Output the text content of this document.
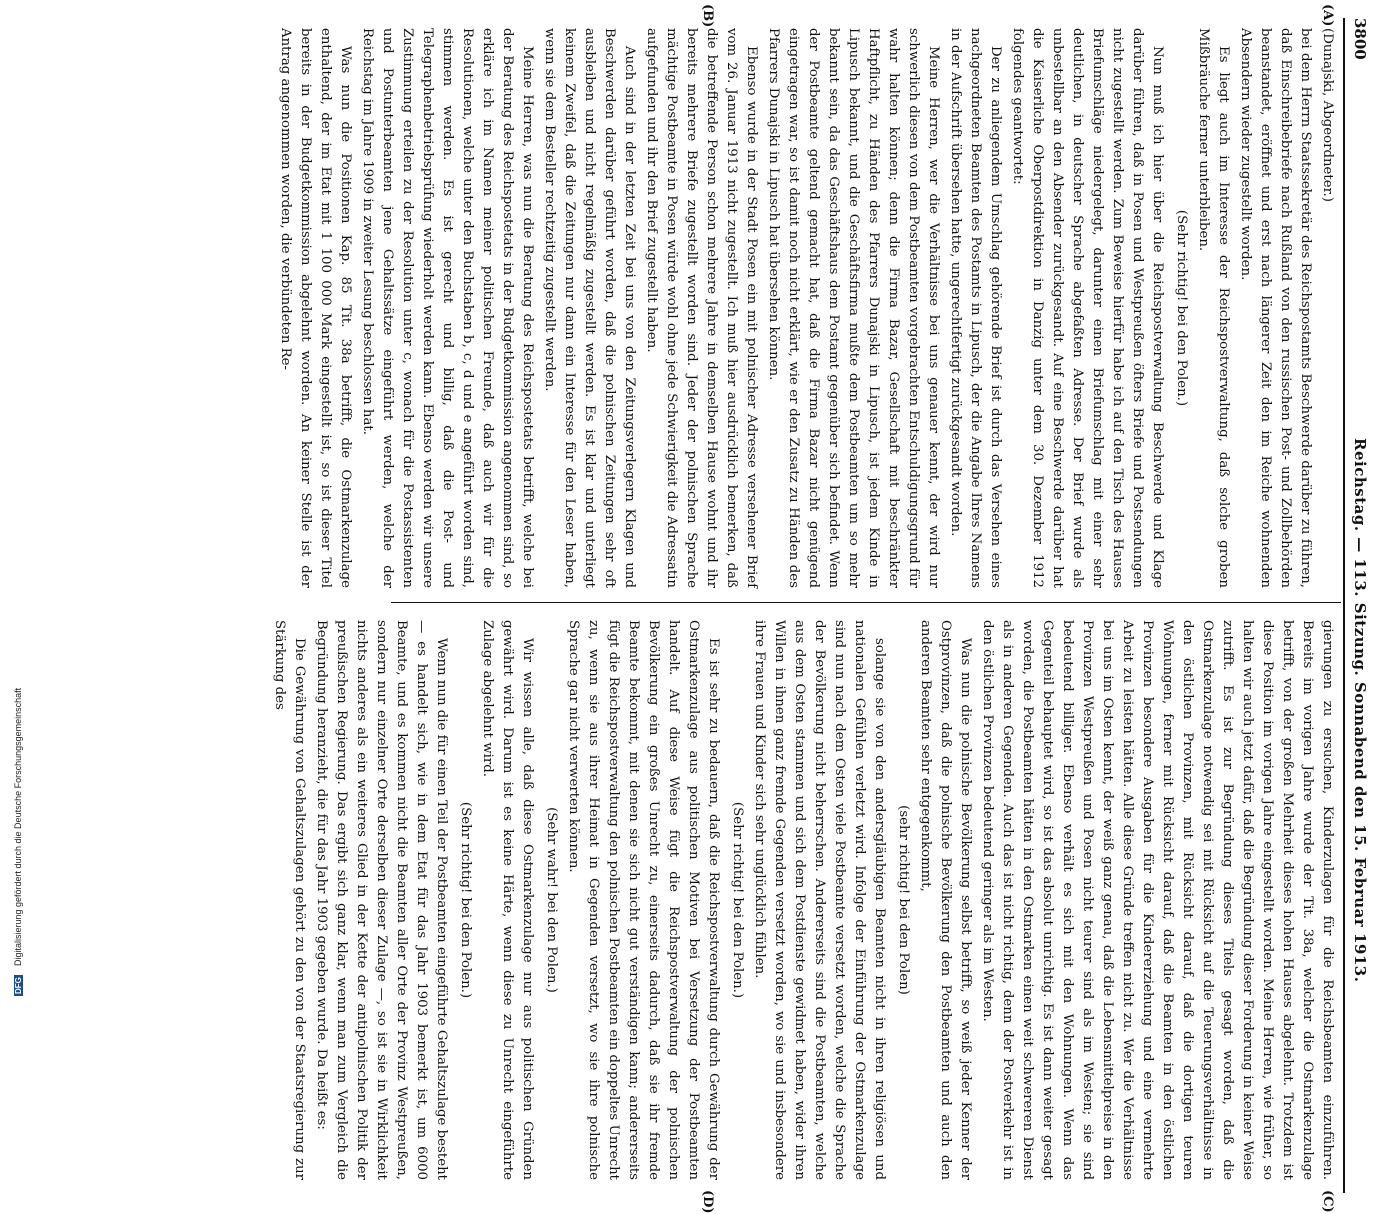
3800
Reichstag. — 113. Sitzung. Sonnabend den 15. Februar 1913.
(A)
(B)
(C)
(D)

(Dunajski, Abgeordneter.)

bei dem Herrn Staatssekretär des Reichspostamts Beschwerde darüber zu führen, daß Einschreibebriefe nach Rußland von den russischen Post- und Zollbehörden beanstandet, eröffnet und erst nach längerer Zeit den im Reiche wohnenden Absendern wieder zugestellt worden.

Es liegt auch im Interesse der Reichspostverwaltung, daß solche groben Mißbräuche ferner unterbleiben.

(Sehr richtig! bei den Polen.)

Nun muß ich hier über die Reichspostverwaltung Beschwerde und Klage darüber führen, daß in Posen und Westpreußen öfters Briefe und Postsendungen nicht zugestellt werden. Zum Beweise hierfür habe ich auf den Tisch des Hauses Briefumschläge niedergelegt, darunter einen Briefumschlag mit einer sehr deutlichen, in deutscher Sprache abgefaßten Adresse. Der Brief wurde als unbestellbar an den Absender zurückgesandt. Auf eine Beschwerde darüber hat die Kaiserliche Oberpostdirektion in Danzig unter dem 30. Dezember 1912 folgendes geantwortet:

Der zu anliegendem Umschlag gehörende Brief ist durch das Versehen eines nachgeordneten Beamten des Postamts in Lipusch, der die Angabe Ihres Namens in der Aufschrift übersehen hatte, ungerechtfertigt zurückgesandt worden.

Meine Herren, wer die Verhältnisse bei uns genauer kennt, der wird nur schwerlich diesen von dem Postbeamten vorgebrachten Entschuldigungsgrund für wahr halten können; denn die Firma Bazar, Gesellschaft mit beschränkter Haftpflicht, zu Händen des Pfarrers Dunajski in Lipusch, ist jedem Kinde in Lipusch bekannt, und die Geschäftsfirma mußte dem Postbeamten um so mehr bekannt sein, da das Geschäftshaus dem Postamt gegenüber sich befindet. Wenn der Postbeamte geltend gemacht hat, daß die Firma Bazar nicht genügend eingetragen war, so ist damit noch nicht erklärt, wie er den Zusatz zu Händen des Pfarrers Dunajski in Lipusch hat übersehen können.

Ebenso wurde in der Stadt Posen ein mit polnischer Adresse versehener Brief vom 26. Januar 1913 nicht zugestellt. Ich muß hier ausdrücklich bemerken, daß die betreffende Person schon mehrere Jahre in demselben Hause wohnt und ihr bereits mehrere Briefe zugestellt worden sind. Jeder der polnischen Sprache mächtige Postbeamte in Posen würde wohl ohne jede Schwierigkeit die Adressatin aufgefunden und ihr den Brief zugestellt haben.

Auch sind in der letzten Zeit bei uns von den Zeitungsverlegern Klagen und Beschwerden darüber geführt worden, daß die polnischen Zeitungen sehr oft ausbleiben und nicht regelmäßig zugestellt werden. Es ist klar und unterliegt keinem Zweifel, daß die Zeitungen nur dann ein Interesse für den Leser haben, wenn sie dem Besteller rechtzeitig zugestellt werden.

Meine Herren, was nun die Beratung des Reichspostetats betrifft, welche bei der Beratung des Reichspostetats in der Budgetkommission angenommen sind, so erkläre ich im Namen meiner politischen Freunde, daß auch wir für die Resolutionen, welche unter den Buchstaben b, c, d und e angeführt worden sind, stimmen werden. Es ist gerecht und billig, daß die Post- und Telegraphenbetriebsprüfung wiederholt werden kann. Ebenso werden wir unsere Zustimmung erteilen zu der Resolution unter c, wonach für die Postassistenten und Postunterbeamten jene Gehaltssätze eingeführt werden, welche der Reichstag im Jahre 1909 in zweiter Lesung beschlossen hat.

Was nun die Positionen Kap. 85 Tit. 38a betrifft, die Ostmarkenzulage enthaltend, der im Etat mit 1 100 000 Mark eingestellt ist, so ist dieser Titel bereits in der Budgetkommission abgelehnt worden. An keiner Stelle ist der Antrag angenommen worden, die verbündeten Re-

gierungen zu ersuchen, Kinderzulagen für die Reichsbeamten einzuführen. Bereits im vorigen Jahre wurde der Tit. 38a, welcher die Ostmarkenzulage betrifft, von der großen Mehrheit dieses hohen Hauses abgelehnt. Trotzdem ist diese Position im vorigen Jahre eingestellt worden. Meine Herren, wie früher, so halten wir auch jetzt dafür, daß die Begründung dieser Forderung in keiner Weise zutrifft. Es ist zur Begründung dieses Titels gesagt worden, daß die Ostmarkenzulage notwendig sei mit Rücksicht auf die Teuerungsverhältnisse in den östlichen Provinzen, mit Rücksicht darauf, daß die dortigen teuren Wohnungen, ferner mit Rücksicht darauf, daß die Beamten in den östlichen Provinzen besondere Ausgaben für die Kindererziehung und eine vermehrte Arbeit zu leisten hätten. Alle diese Gründe treffen nicht zu. Wer die Verhältnisse bei uns im Osten kennt, der weiß ganz genau, daß die Lebensmittelpreise in den Provinzen Westpreußen und Posen nicht teurer sind als im Westen; sie sind bedeutend billiger. Ebenso verhält es sich mit den Wohnungen. Wenn das Gegenteil behauptet wird, so ist das absolut unrichtig. Es ist dann weiter gesagt worden, die Postbeamten hätten in den Ostmarken einen weit schwereren Dienst als in anderen Gegenden. Auch das ist nicht richtig, denn der Postverkehr ist in den östlichen Provinzen bedeutend geringer als im Westen.

Was nun die polnische Bevölkerung selbst betrifft, so weiß jeder Kenner der Ostprovinzen, daß die polnische Bevölkerung den Postbeamten und auch den anderen Beamten sehr entgegenkommt,

(sehr richtig! bei den Polen)

solange sie von den andersgläubigen Beamten nicht in ihren religiösen und nationalen Gefühlen verletzt wird. Infolge der Einführung der Ostmarkenzulage sind nun nach dem Osten viele Postbeamte versetzt worden, welche die Sprache der Bevölkerung nicht beherrschen. Andererseits sind die Postbeamten, welche aus dem Osten stammen und sich dem Postdienste gewidmet haben, wider ihren Willen in ihnen ganz fremde Gegenden versetzt worden, wo sie und insbesondere ihre Frauen und Kinder sich sehr unglücklich fühlen.

(Sehr richtig! bei den Polen.)

Es ist sehr zu bedauern, daß die Reichspostverwaltung durch Gewährung der Ostmarkenzulage aus politischen Motiven bei Versetzung der Postbeamten handelt. Auf diese Weise fügt die Reichspostverwaltung der polnischen Bevölkerung ein großes Unrecht zu, einerseits dadurch, daß sie ihr fremde Beamte bekommt, mit denen sie sich nicht gut verständigen kann; andererseits fügt die Reichspostverwaltung den polnischen Postbeamten ein doppeltes Unrecht zu, wenn sie aus ihrer Heimat in Gegenden versetzt, wo sie ihre polnische Sprache gar nicht verwerten können.

(Sehr wahr! bei den Polen.)

Wir wissen alle, daß diese Ostmarkenzulage nur aus politischen Gründen gewährt wird. Darum ist es keine Härte, wenn diese zu Unrecht eingeführte Zulage abgelehnt wird.

(Sehr richtig! bei den Polen.)

Wenn nun die für einen Teil der Postbeamten eingeführte Gehaltszulage besteht — es handelt sich, wie in dem Etat für das Jahr 1903 bemerkt ist, um 6000 Beamte, und es kommen nicht die Beamten aller Orte der Provinz Westpreußen, sondern nur einzelner Orte derselben dieser Zulage —, so ist sie in Wirklichkeit nichts anderes als ein weiteres Glied in der Kette der antipolnischen Politik der preußischen Regierung. Das ergibt sich ganz klar, wenn man zum Vergleich die Begründung heranzieht, die für das Jahr 1903 gegeben wurde. Da heißt es:

Die Gewährung von Gehaltszulagen gehört zu den von der Staatsregierung zur Stärkung des

DFG Digitalisierung gefördert durch die Deutsche Forschungsgemeinschaft
